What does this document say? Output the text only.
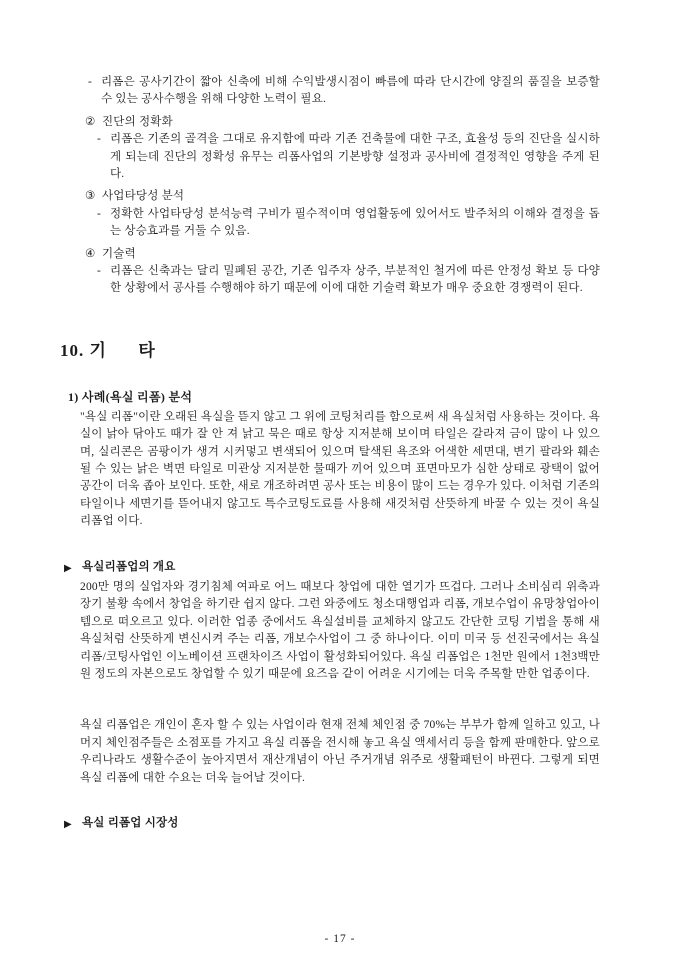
- 리폼은 공사기간이 짧아 신축에 비해 수익발생시점이 빠름에 따라 단시간에 양질의 품질을 보증할 수 있는 공사수행을 위해 다양한 노력이 필요.
② 진단의 정확화
- 리폼은 기존의 골격을 그대로 유지함에 따라 기존 건축물에 대한 구조, 효율성 등의 진단을 실시하게 되는데 진단의 정확성 유무는 리폼사업의 기본방향 설정과 공사비에 결정적인 영향을 주게 된다.
③ 사업타당성 분석
- 정확한 사업타당성 분석능력 구비가 필수적이며 영업활동에 있어서도 발주처의 이해와 결정을 돕는 상승효과를 거둘 수 있음.
④ 기술력
- 리폼은 신축과는 달리 밀폐된 공간, 기존 입주자 상주, 부분적인 철거에 따른 안정성 확보 등 다양한 상황에서 공사를 수행해야 하기 때문에 이에 대한 기술력 확보가 매우 중요한 경쟁력이 된다.
10. 기      타
1) 사례(욕실 리폼) 분석

"욕실 리폼"이란 오래된 욕실을 뜯지 않고 그 위에 코팅처리를 함으로써 새 욕실처럼 사용하는 것이다. 욕실이 낡아 닦아도 때가 잘 안 져 낡고 묵은 때로 항상 지저분해 보이며 타일은 갈라져 금이 많이 나 있으며, 실리콘은 곰팡이가 생겨 시커멓고 변색되어 있으며 탈색된 욕조와 어색한 세면대, 변기 팔라와 훼손 될 수 있는 낡은 벽면 타일로 미관상 지저분한 물때가 끼어 있으며 표면마모가 심한 상태로 광택이 없어 공간이 더욱 좁아 보인다. 또한, 새로 개조하려면 공사 또는 비용이 많이 드는 경우가 있다. 이처럼 기존의 타일이나 세면기를 뜯어내지 않고도 특수코팅도료를 사용해 새것처럼 산뜻하게 바꿀 수 있는 것이 욕실 리폼업 이다.

▶ 욕실리폼업의 개요

200만 명의 실업자와 경기침체 여파로 어느 때보다 창업에 대한 열기가 뜨겁다. 그러나 소비심리 위축과 장기 불황 속에서 창업을 하기란 쉽지 않다. 그런 와중에도 청소대행업과 리폼, 개보수업이 유망창업아이템으로 떠오르고 있다. 이러한 업종 중에서도 욕실설비를 교체하지 않고도 간단한 코팅 기법을 통해 새 욕실처럼 산뜻하게 변신시켜 주는 리폼, 개보수사업이 그 중 하나이다. 이미 미국 등 선진국에서는 욕실 리폼/코팅사업인 이노베이션 프랜차이즈 사업이 활성화되어있다. 욕실 리폼업은 1천만 원에서 1천3백만원 정도의 자본으로도 창업할 수 있기 때문에 요즈음 같이 어려운 시기에는 더욱 주목할 만한 업종이다.

욕실 리폼업은 개인이 혼자 할 수 있는 사업이라 현재 전체 체인점 중 70%는 부부가 함께 일하고 있고, 나머지 체인점주들은 소점포를 가지고 욕실 리폼을 전시해 놓고 욕실 액세서리 등을 함께 판매한다. 앞으로 우리나라도 생활수준이 높아지면서 재산개념이 아닌 주거개념 위주로 생활패턴이 바뀐다. 그렇게 되면 욕실 리폼에 대한 수요는 더욱 늘어날 것이다.

▶ 욕실 리폼업 시장성
- 17 -
